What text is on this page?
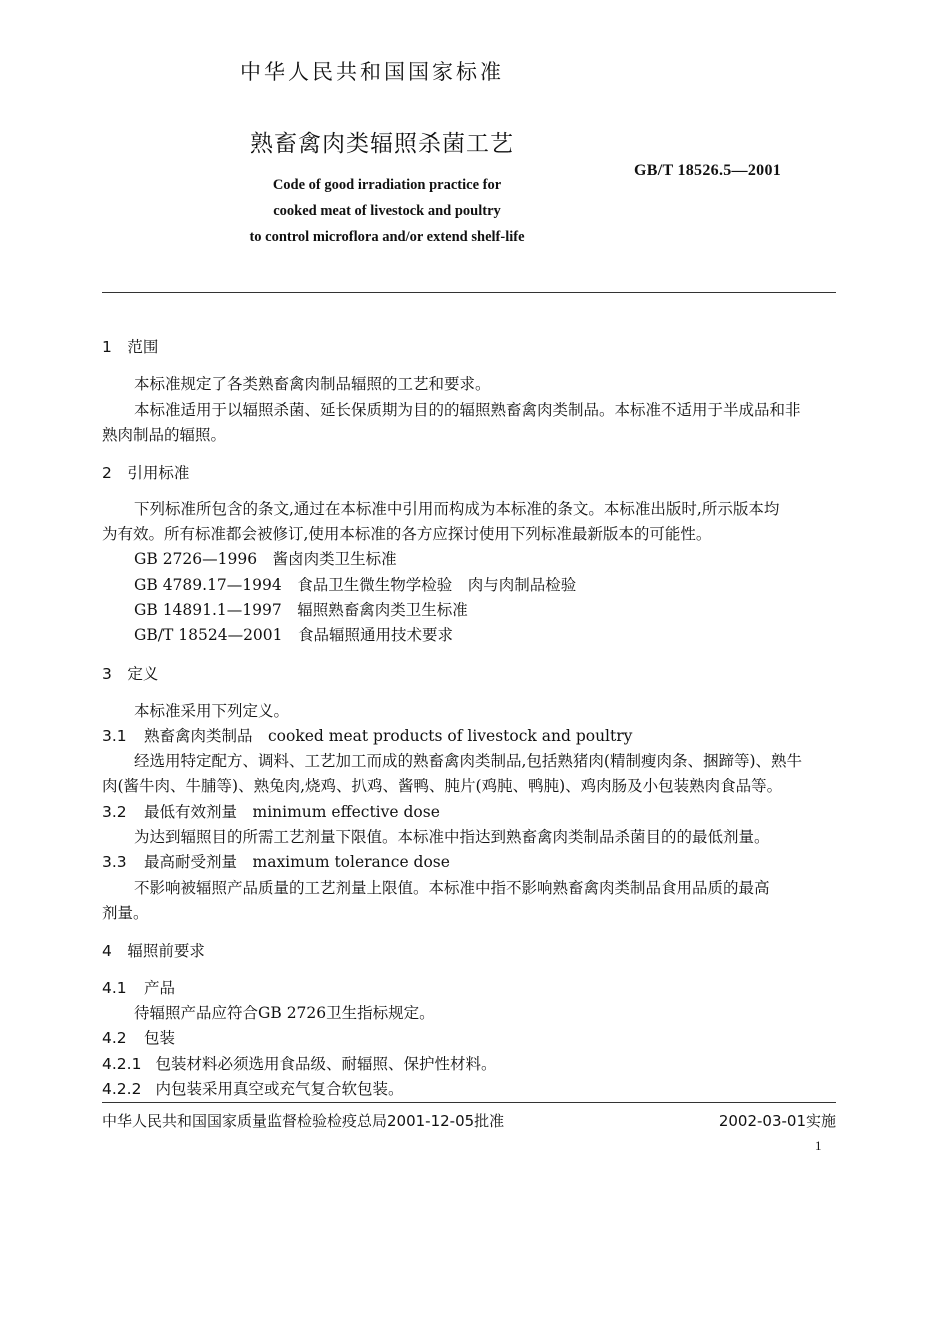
中华人民共和国国家标准
熟畜禽肉类辐照杀菌工艺
GB/T 18526.5—2001
Code of good irradiation practice for
cooked meat of livestock and poultry
to control microflora and/or extend shelf-life
1　范围
本标准规定了各类熟畜禽肉制品辐照的工艺和要求。
本标准适用于以辐照杀菌、延长保质期为目的的辐照熟畜禽肉类制品。本标准不适用于半成品和非
熟肉制品的辐照。
2　引用标准
下列标准所包含的条文,通过在本标准中引用而构成为本标准的条文。本标准出版时,所示版本均
为有效。所有标准都会被修订,使用本标准的各方应探讨使用下列标准最新版本的可能性。
GB 2726—1996　酱卤肉类卫生标准
GB 4789.17—1994　食品卫生微生物学检验　肉与肉制品检验
GB 14891.1—1997　辐照熟畜禽肉类卫生标准
GB/T 18524—2001　食品辐照通用技术要求
3　定义
本标准采用下列定义。
3.1 熟畜禽肉类制品　cooked meat products of livestock and poultry
经选用特定配方、调料、工艺加工而成的熟畜禽肉类制品,包括熟猪肉(精制瘦肉条、捆蹄等)、熟牛
肉(酱牛肉、牛脯等)、熟兔肉,烧鸡、扒鸡、酱鸭、肫片(鸡肫、鸭肫)、鸡肉肠及小包装熟肉食品等。
3.2 最低有效剂量　minimum effective dose
为达到辐照目的所需工艺剂量下限值。本标准中指达到熟畜禽肉类制品杀菌目的的最低剂量。
3.3 最高耐受剂量　maximum tolerance dose
不影响被辐照产品质量的工艺剂量上限值。本标准中指不影响熟畜禽肉类制品食用品质的最高
剂量。
4　辐照前要求
4.1 产品
待辐照产品应符合GB 2726卫生指标规定。
4.2 包装
4.2.1 包装材料必须选用食品级、耐辐照、保护性材料。
4.2.2 内包装采用真空或充气复合软包装。
中华人民共和国国家质量监督检验检疫总局2001-12-05批准	2002-03-01实施
1
